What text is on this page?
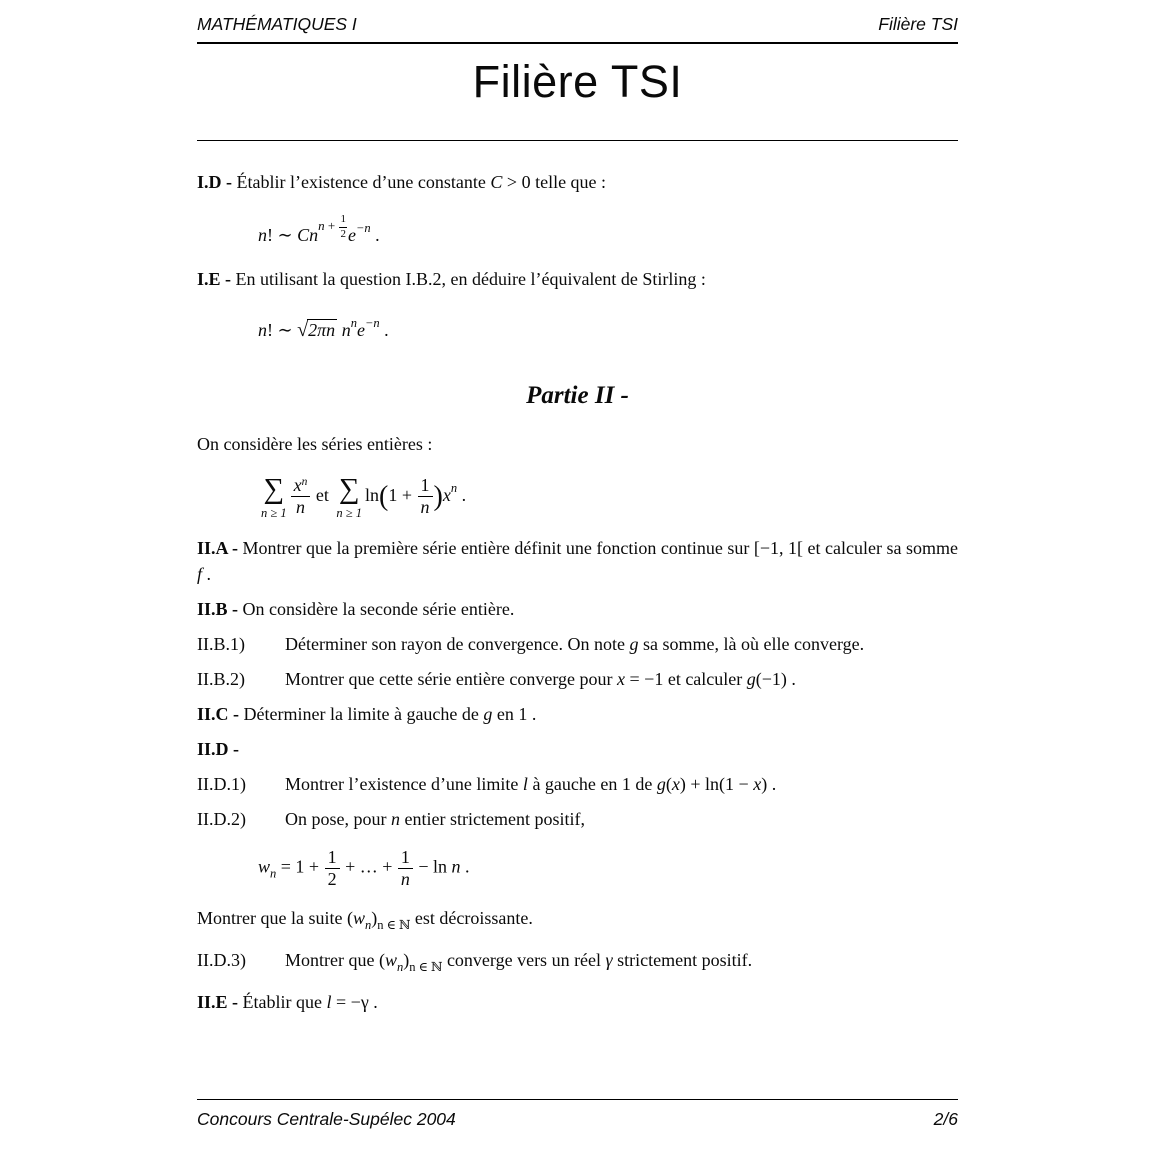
MATHÉMATIQUES I	Filière TSI
Filière TSI

I.D - Établir l’existence d’une constante C > 0 telle que :

n! ∼ $Cn^{n + \frac{1}{2}}$ $e^{-n}$ .

I.E - En utilisant la question I.B.2, en déduire l’équivalent de Stirling :

n! ∼ √2πn $n^ne^{-n}$ .
Partie II -

On considère les séries entières :

∑
$n \ge 1 \frac{x^n}{n}$ et ∑
n ≥ 1
$\ln(1 + \frac{1}{n} )x^n$ .

II.A - Montrer que la première série entière définit une fonction continue sur [−1, 1[ et calculer sa somme f .

II.B - On considère la seconde série entière.

II.B.1) Déterminer son rayon de convergence. On note g sa somme, là où elle converge.

II.B.2) Montrer que cette série entière converge pour x = −1 et calculer g(−1) .

II.C - Déterminer la limite à gauche de g en 1 .

II.D -

II.D.1) Montrer l’existence d’une limite l à gauche en 1 de g(x) + ln(1 − x) .

II.D.2) On pose, pour n entier strictement positif,

$w_n = 1 + \frac{1}{2}$ + … + $\frac{1}{n} - \ln n$ .

Montrer que la suite $(w_n)_{n \in ℕ}$ est décroissante.

II.D.3) Montrer que $(w_n)_{n \in ℕ}$ converge vers un réel γ strictement positif.

II.E - Établir que l = −γ .

Concours Centrale-Supélec 2004	2/6
